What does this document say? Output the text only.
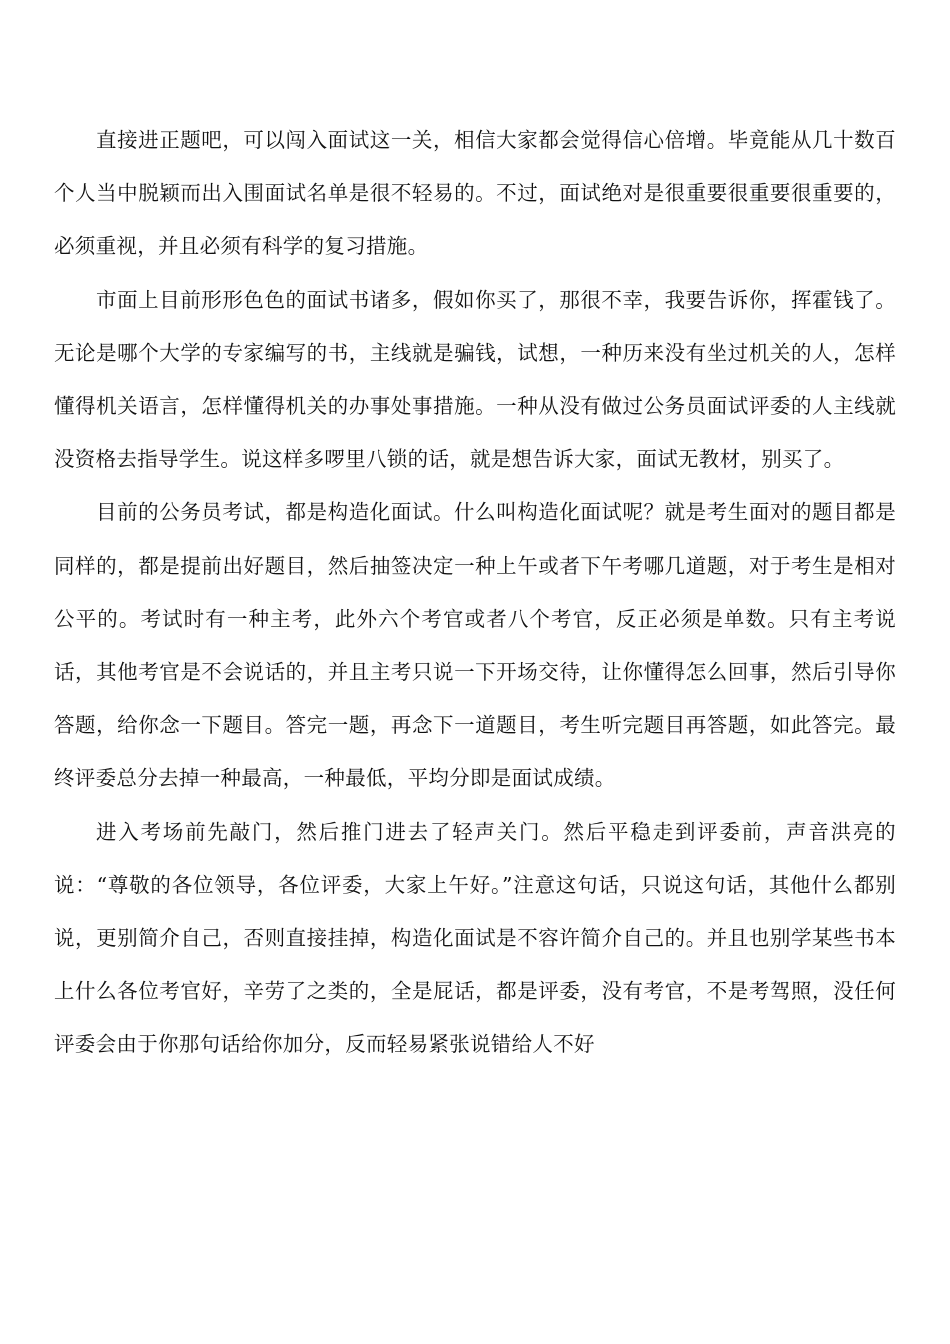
直接进正题吧，可以闯入面试这一关，相信大家都会觉得信心倍增。毕竟能从几十数百个人当中脱颖而出入围面试名单是很不轻易的。不过，面试绝对是很重要很重要很重要的，必须重视，并且必须有科学的复习措施。

市面上目前形形色色的面试书诸多，假如你买了，那很不幸，我要告诉你，挥霍钱了。无论是哪个大学的专家编写的书，主线就是骗钱，试想，一种历来没有坐过机关的人，怎样懂得机关语言，怎样懂得机关的办事处事措施。一种从没有做过公务员面试评委的人主线就没资格去指导学生。说这样多啰里八锁的话，就是想告诉大家，面试无教材，别买了。

目前的公务员考试，都是构造化面试。什么叫构造化面试呢？就是考生面对的题目都是同样的，都是提前出好题目，然后抽签决定一种上午或者下午考哪几道题，对于考生是相对公平的。考试时有一种主考，此外六个考官或者八个考官，反正必须是单数。只有主考说话，其他考官是不会说话的，并且主考只说一下开场交待，让你懂得怎么回事，然后引导你答题，给你念一下题目。答完一题，再念下一道题目，考生听完题目再答题，如此答完。最终评委总分去掉一种最高，一种最低，平均分即是面试成绩。

进入考场前先敲门，然后推门进去了轻声关门。然后平稳走到评委前，声音洪亮的说：“尊敬的各位领导，各位评委，大家上午好。”注意这句话，只说这句话，其他什么都别说，更别简介自己，否则直接挂掉，构造化面试是不容许简介自己的。并且也别学某些书本上什么各位考官好，辛劳了之类的，全是屁话，都是评委，没有考官，不是考驾照，没任何评委会由于你那句话给你加分，反而轻易紧张说错给人不好
